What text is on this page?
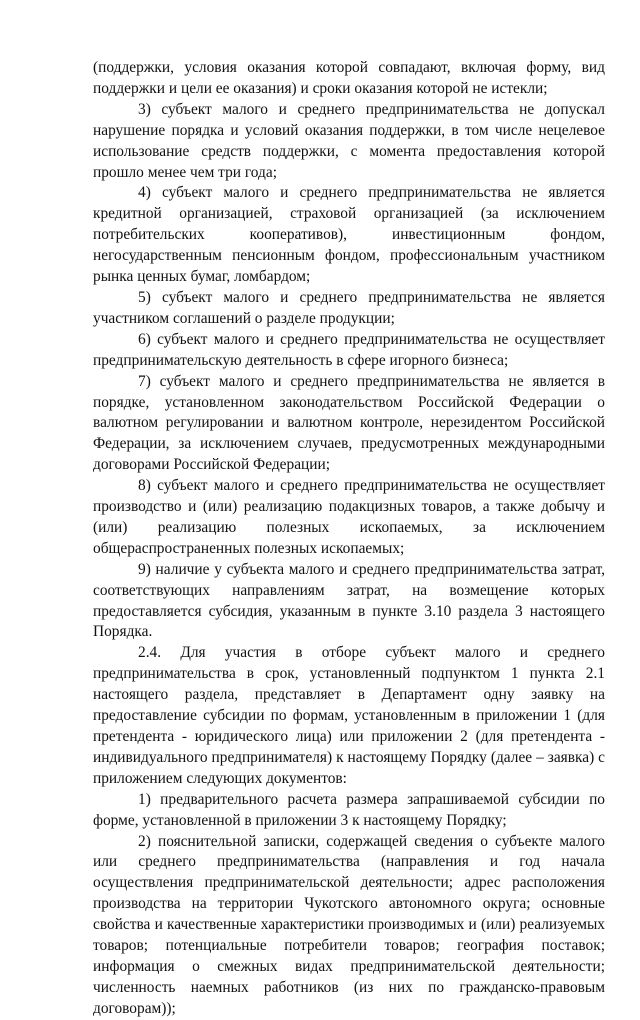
(поддержки, условия оказания которой совпадают, включая форму, вид поддержки и цели ее оказания) и сроки оказания которой не истекли;

3) субъект малого и среднего предпринимательства не допускал нарушение порядка и условий оказания поддержки, в том числе нецелевое использование средств поддержки, с момента предоставления которой прошло менее чем три года;

4) субъект малого и среднего предпринимательства не является кредитной организацией, страховой организацией (за исключением потребительских кооперативов), инвестиционным фондом, негосударственным пенсионным фондом, профессиональным участником рынка ценных бумаг, ломбардом;

5) субъект малого и среднего предпринимательства не является участником соглашений о разделе продукции;

6) субъект малого и среднего предпринимательства не осуществляет предпринимательскую деятельность в сфере игорного бизнеса;

7) субъект малого и среднего предпринимательства не является в порядке, установленном законодательством Российской Федерации о валютном регулировании и валютном контроле, нерезидентом Российской Федерации, за исключением случаев, предусмотренных международными договорами Российской Федерации;

8) субъект малого и среднего предпринимательства не осуществляет производство и (или) реализацию подакцизных товаров, а также добычу и (или) реализацию полезных ископаемых, за исключением общераспространенных полезных ископаемых;

9) наличие у субъекта малого и среднего предпринимательства затрат, соответствующих направлениям затрат, на возмещение которых предоставляется субсидия, указанным в пункте 3.10 раздела 3 настоящего Порядка.

2.4. Для участия в отборе субъект малого и среднего предпринимательства в срок, установленный подпунктом 1 пункта 2.1 настоящего раздела, представляет в Департамент одну заявку на предоставление субсидии по формам, установленным в приложении 1 (для претендента - юридического лица) или приложении 2 (для претендента - индивидуального предпринимателя) к настоящему Порядку (далее – заявка) с приложением следующих документов:

1) предварительного расчета размера запрашиваемой субсидии по форме, установленной в приложении 3 к настоящему Порядку;

2) пояснительной записки, содержащей сведения о субъекте малого или среднего предпринимательства (направления и год начала осуществления предпринимательской деятельности; адрес расположения производства на территории Чукотского автономного округа; основные свойства и качественные характеристики производимых и (или) реализуемых товаров; потенциальные потребители товаров; география поставок; информация о смежных видах предпринимательской деятельности; численность наемных работников (из них по гражданско-правовым договорам));
